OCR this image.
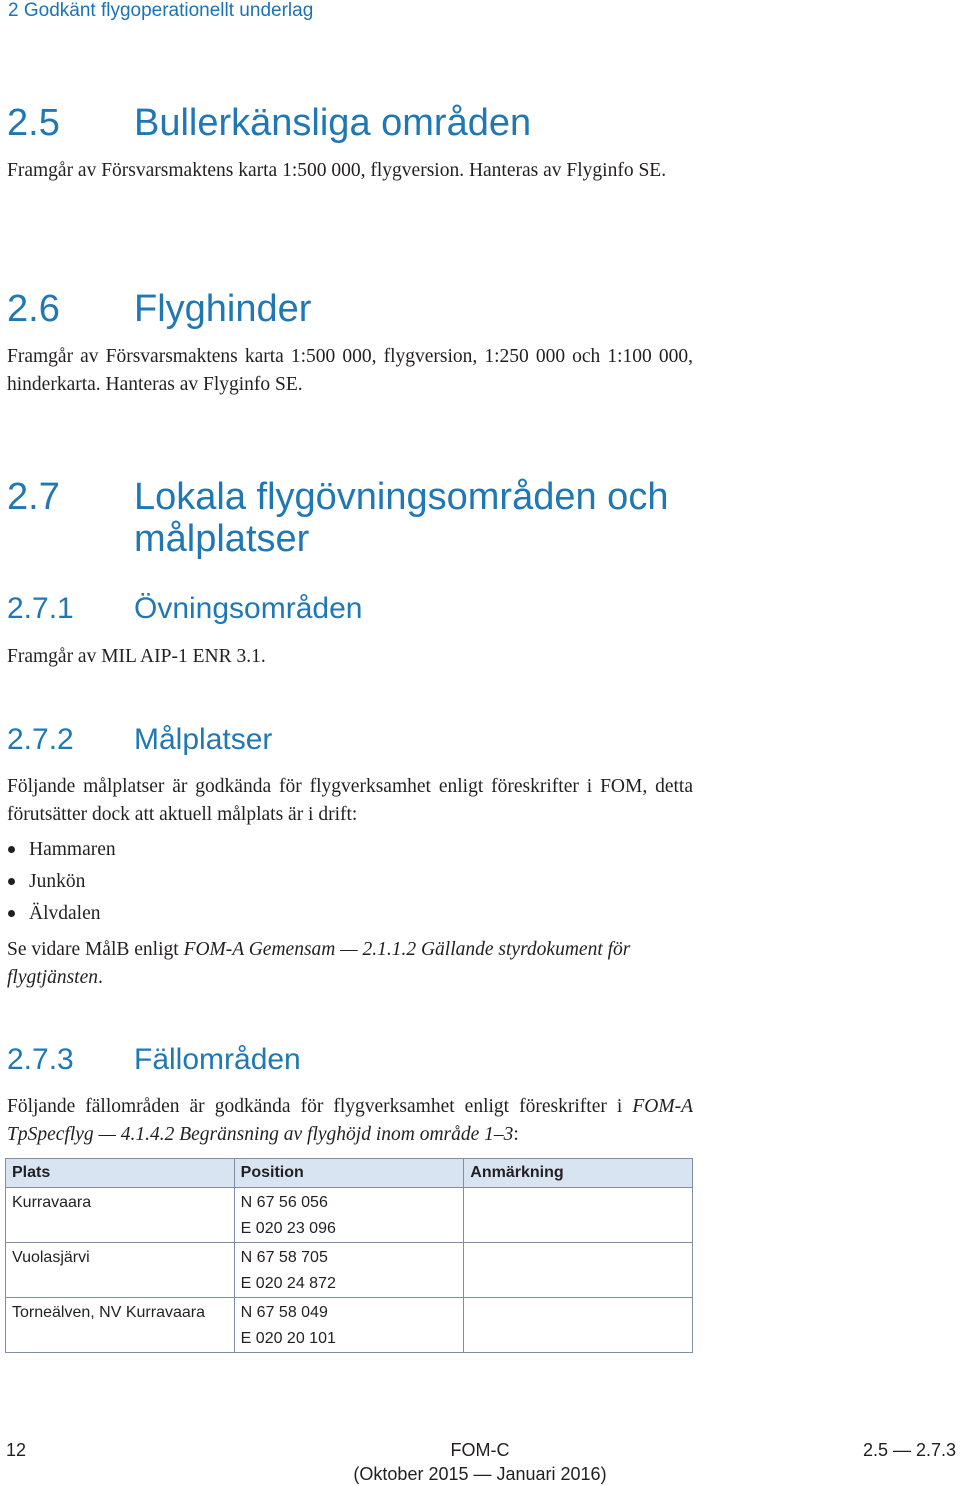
2 Godkänt flygoperationellt underlag
2.5 Bullerkänsliga områden

Framgår av Försvarsmaktens karta 1:500 000, flygversion. Hanteras av Flyginfo SE.

2.6 Flyghinder

Framgår av Försvarsmaktens karta 1:500 000, flygversion, 1:250 000 och 1:100 000, hinderkarta. Hanteras av Flyginfo SE.

2.7 Lokala flygövningsområden och
målplatser
2.7.1 Övningsområden

Framgår av MIL AIP-1 ENR 3.1.

2.7.2 Målplatser

Följande målplatser är godkända för flygverksamhet enligt föreskrifter i FOM, detta förutsätter dock att aktuell målplats är i drift:

Hammaren
Junkön
Älvdalen

Se vidare MålB enligt FOM-A Gemensam — 2.1.1.2 Gällande styrdokument för flygtjänsten.

2.7.3 Fällområden

Följande fällområden är godkända för flygverksamhet enligt föreskrifter i FOM-A TpSpecflyg — 4.1.4.2 Begränsning av flyghöjd inom område 1–3:

Plats	Position	Anmärkning
Kurravaara	N 67 56 056
E 020 23 096	

Vuolasjärvi	N 67 58 705
E 020 24 872	

Torneälven, NV Kurravaara	N 67 58 049
E 020 20 101	

12	FOM-C
(Oktober 2015 — Januari 2016)
2.5 — 2.7.3
